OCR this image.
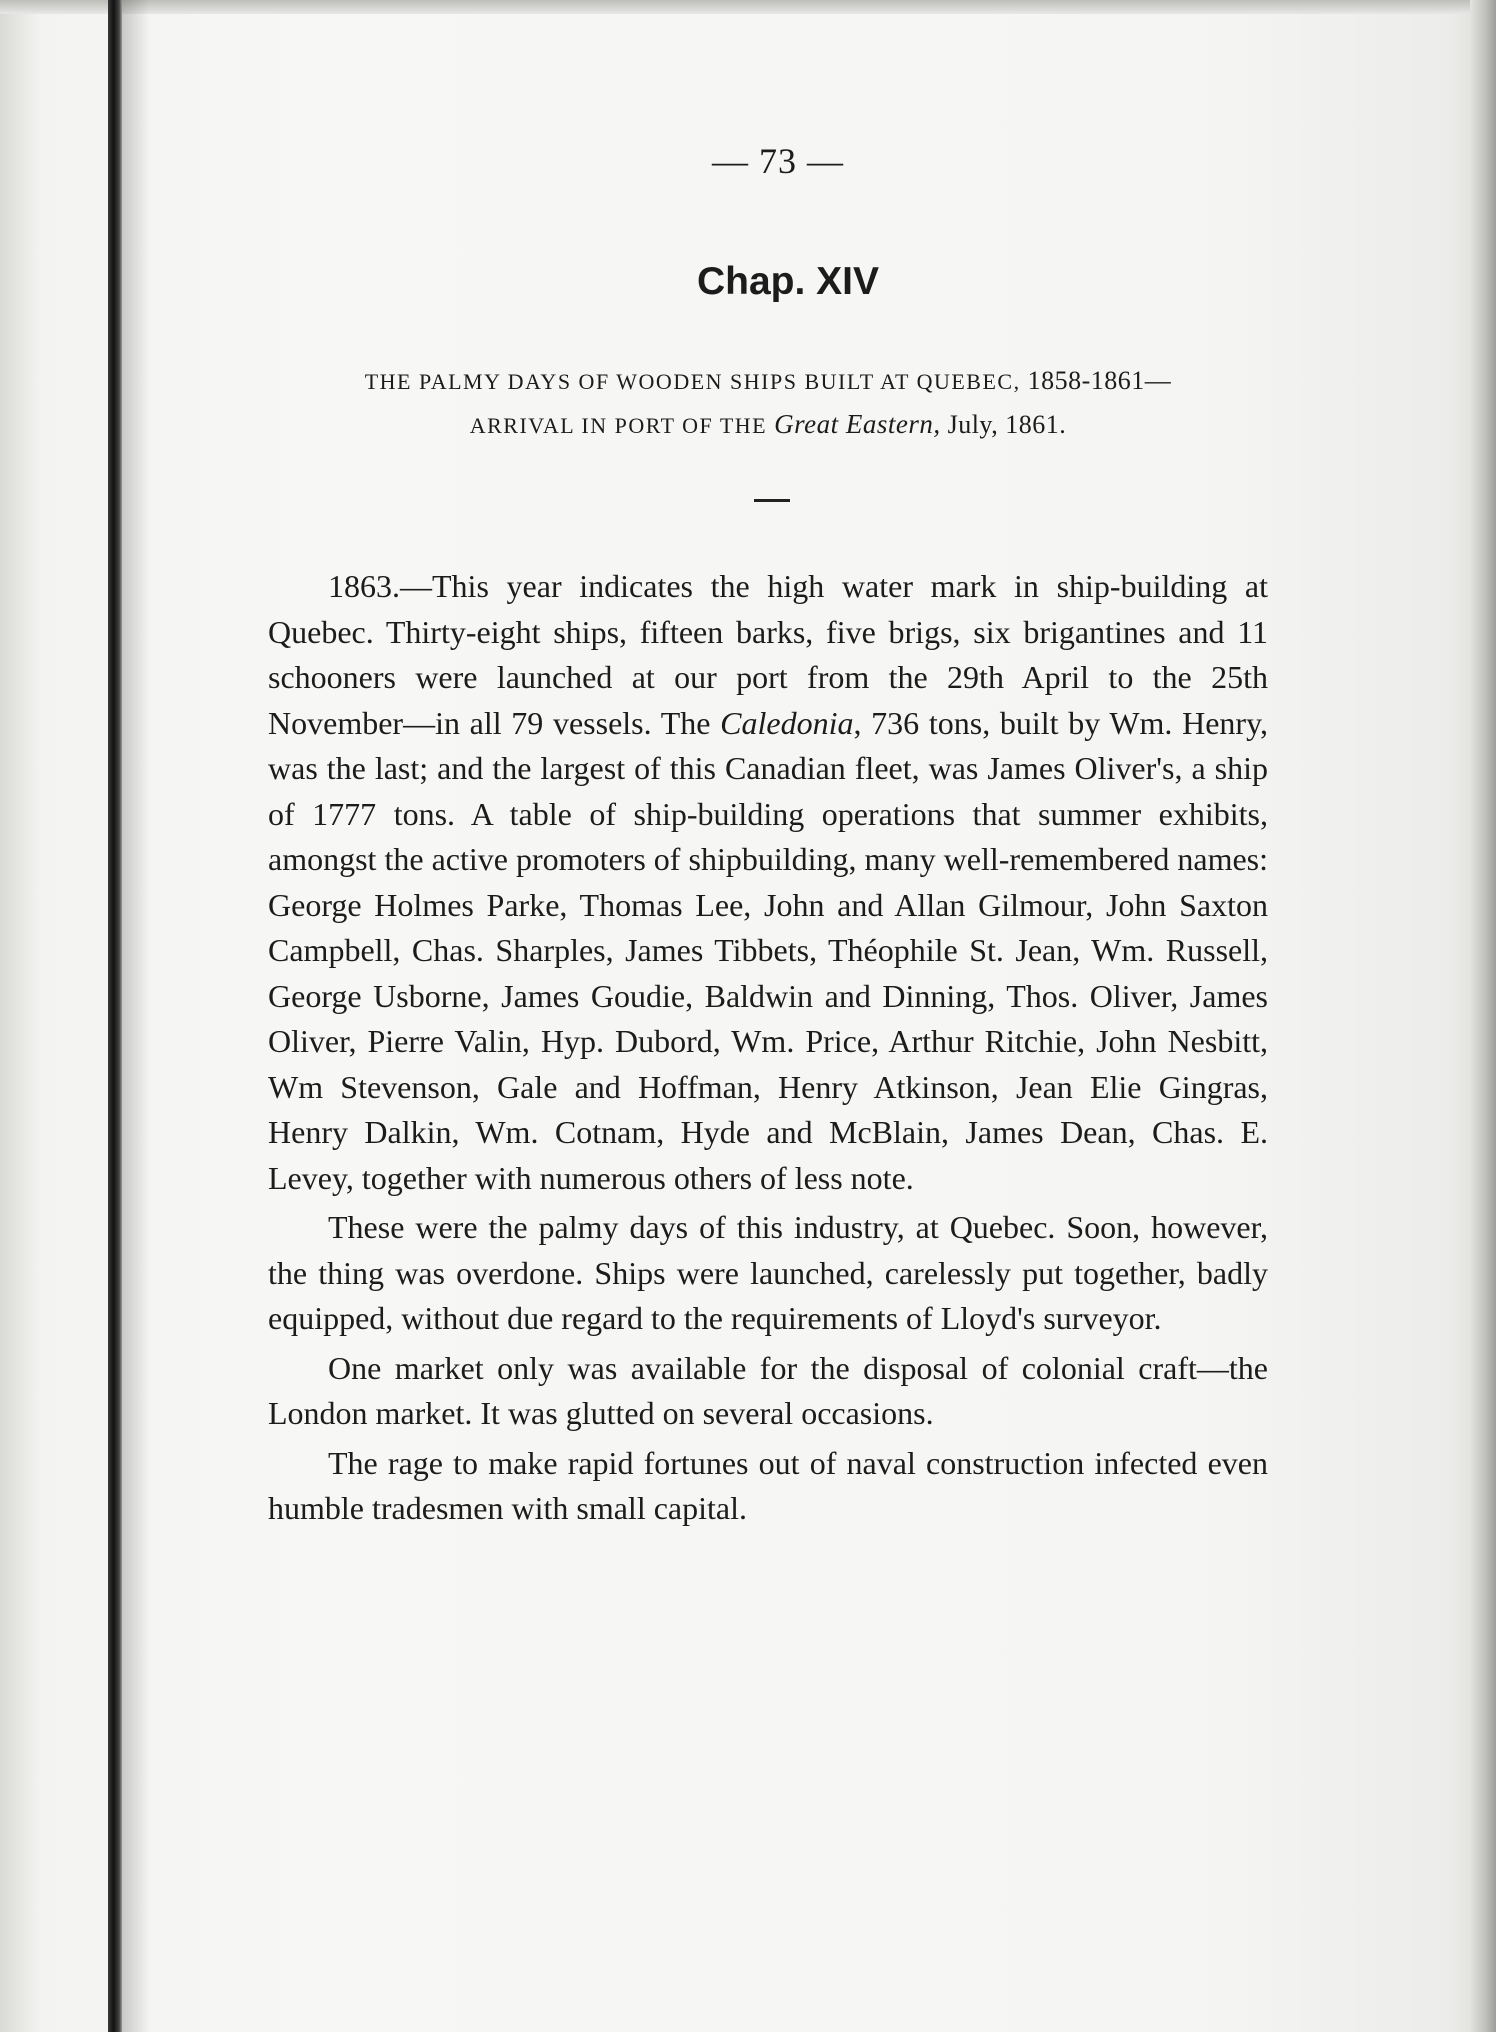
— 73 —
Chap. XIV
THE PALMY DAYS OF WOODEN SHIPS BUILT AT QUEBEC, 1858-1861—
ARRIVAL IN PORT OF THE Great Eastern, July, 1861.

1863.—This year indicates the high water mark in ship-building at Quebec. Thirty-eight ships, fifteen barks, five brigs, six brigantines and 11 schooners were launched at our port from the 29th April to the 25th November—in all 79 vessels. The Caledonia, 736 tons, built by Wm. Henry, was the last; and the largest of this Canadian fleet, was James Oliver's, a ship of 1777 tons. A table of ship-building operations that summer exhibits, amongst the active promoters of shipbuilding, many well-remembered names: George Holmes Parke, Thomas Lee, John and Allan Gilmour, John Saxton Campbell, Chas. Sharples, James Tibbets, Théophile St. Jean, Wm. Russell, George Usborne, James Goudie, Baldwin and Dinning, Thos. Oliver, James Oliver, Pierre Valin, Hyp. Dubord, Wm. Price, Arthur Ritchie, John Nesbitt, Wm Stevenson, Gale and Hoffman, Henry Atkinson, Jean Elie Gingras, Henry Dalkin, Wm. Cotnam, Hyde and McBlain, James Dean, Chas. E. Levey, together with numerous others of less note.

These were the palmy days of this industry, at Quebec. Soon, however, the thing was overdone. Ships were launched, carelessly put together, badly equipped, without due regard to the requirements of Lloyd's surveyor.

One market only was available for the disposal of colonial craft—the London market. It was glutted on several occasions.

The rage to make rapid fortunes out of naval construction infected even humble tradesmen with small capital.
